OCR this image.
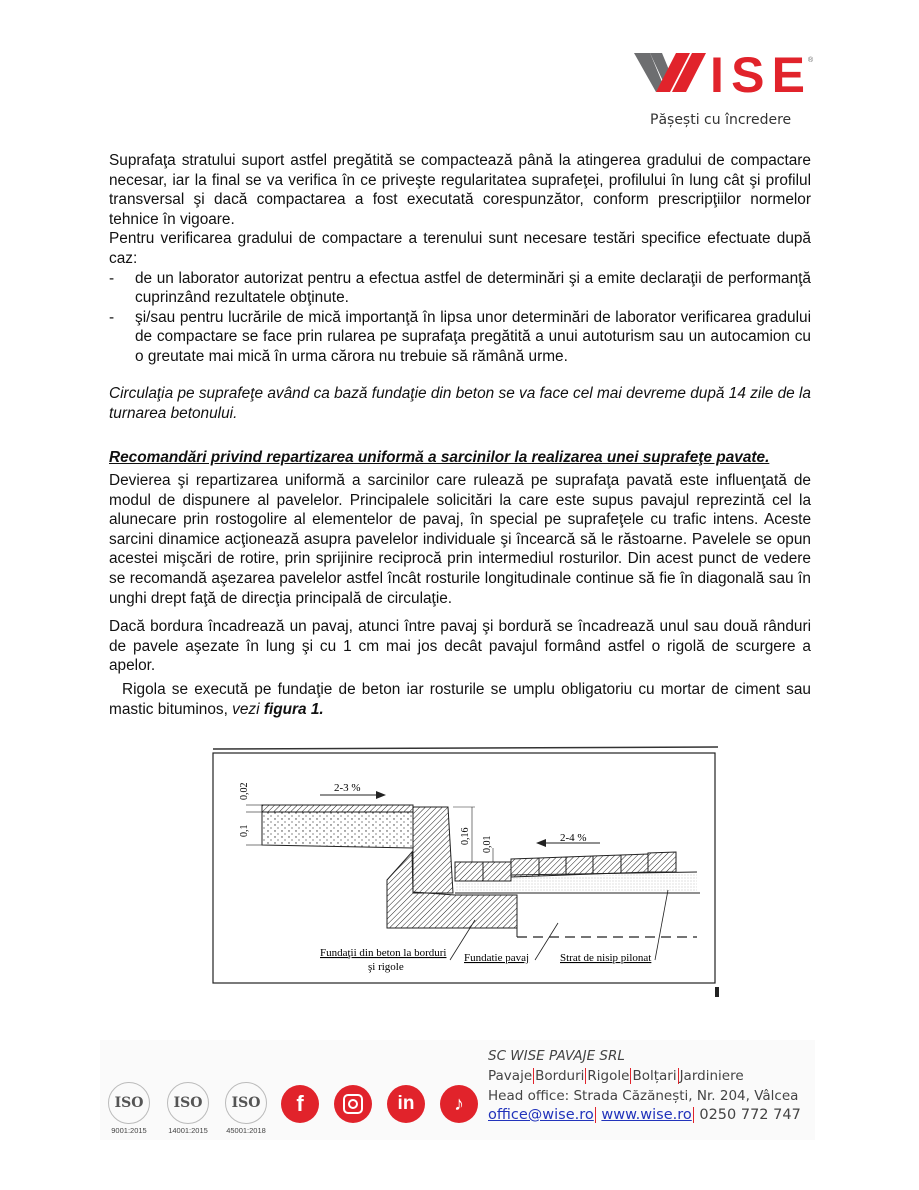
ISE ®
Pășești cu încredere

Suprafaţa stratului suport astfel pregătită se compactează până la atingerea gradului de compactare necesar, iar la final se va verifica în ce priveşte regularitatea suprafeţei, profilului în lung cât şi profilul transversal şi dacă compactarea a fost executată corespunzător, conform prescripţiilor normelor tehnice în vigoare.

Pentru verificarea gradului de compactare a terenului sunt necesare testări specifice efectuate după caz:

- de un laborator autorizat pentru a efectua astfel de determinări şi a emite declaraţii de performanţă cuprinzând rezultatele obţinute.
- şi/sau pentru lucrările de mică importanţă în lipsa unor determinări de laborator verificarea gradului de compactare se face prin rularea pe suprafaţa pregătită a unui autoturism sau un autocamion cu o greutate mai mică în urma cărora nu trebuie să rămână urme.
Circulaţia pe suprafeţe având ca bază fundaţie din beton se va face cel mai devreme după 14 zile de la turnarea betonului.
Recomandări privind repartizarea uniformă a sarcinilor la realizarea unei suprafeţe pavate.
Devierea şi repartizarea uniformă a sarcinilor care rulează pe suprafaţa pavată este influenţată de modul de dispunere al pavelelor. Principalele solicitări la care este supus pavajul reprezintă cel la alunecare prin rostogolire al elementelor de pavaj, în special pe suprafeţele cu trafic intens. Aceste sarcini dinamice acţionează asupra pavelelor individuale şi încearcă să le răstoarne. Pavelele se opun acestei mişcări de rotire, prin sprijinire reciprocă prin intermediul rosturilor. Din acest punct de vedere se recomandă aşezarea pavelelor astfel încât rosturile longitudinale continue să fie în diagonală sau în unghi drept faţă de direcţia principală de circulaţie.
Dacă bordura încadrează un pavaj, atunci între pavaj şi bordură se încadrează unul sau două rânduri de pavele aşezate în lung şi cu 1 cm mai jos decât pavajul formând astfel o rigolă de scurgere a apelor.
Rigola se execută pe fundaţie de beton iar rosturile se umplu obligatoriu cu mortar de ciment sau mastic bituminos, vezi figura 1.
2-3 %
2-4 %
0,02
0,1	0,16 0,01
Fundaţii din beton la borduri
şi rigole
Fundatie pavaj	Strat de nisip pilonat
ISO
9001:2015
ISO
14001:2015
ISO
45001:2018
f	in	♪
SC WISE PAVAJE SRL
Pavaje Borduri Rigole Bolțari Jardiniere
Head office: Strada Căzănești, Nr. 204, Vâlcea
office@wise.ro www.wise.ro 0250 772 747
